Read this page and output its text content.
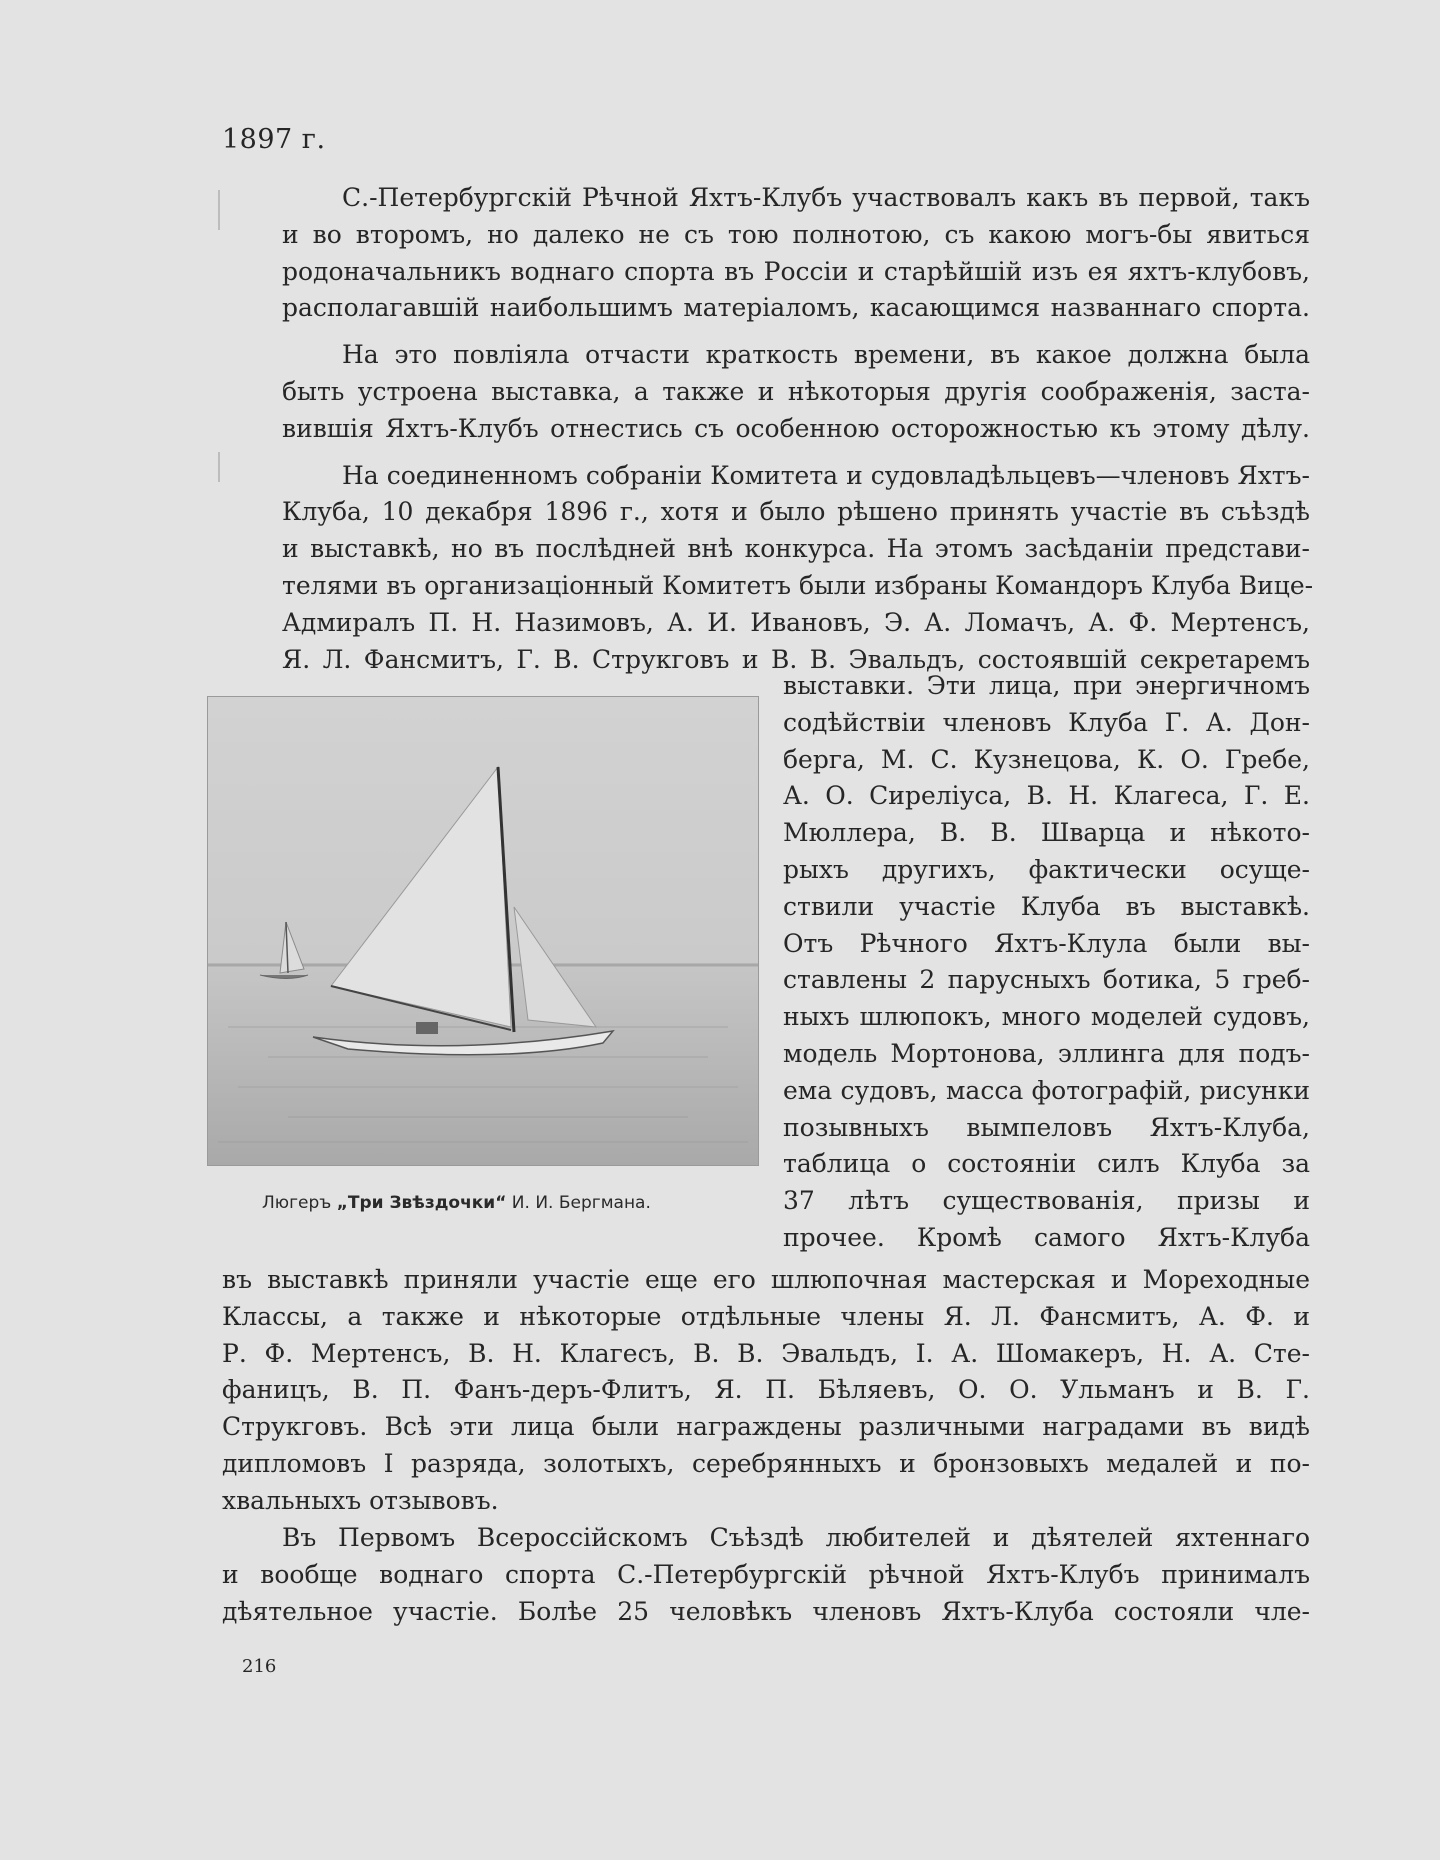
1897 г.
С.-Петербургскій Рѣчной Яхтъ-Клубъ участвовалъ какъ въ первой, такъ
и во второмъ, но далеко не съ тою полнотою, съ какою могъ-бы явиться
родоначальникъ воднаго спорта въ Россіи и старѣйшій изъ ея яхтъ-клубовъ,
располагавшій наибольшимъ матеріаломъ, касающимся названнаго спорта.
На это повліяла отчасти краткость времени, въ какое должна была
быть устроена выставка, а также и нѣкоторыя другія соображенія, заста-
вившія Яхтъ-Клубъ отнестись съ особенною осторожностью къ этому дѣлу.
На соединенномъ собраніи Комитета и судовладѣльцевъ—членовъ Яхтъ-
Клуба, 10 декабря 1896 г., хотя и было рѣшено принять участіе въ съѣздѣ
и выставкѣ, но въ послѣдней внѣ конкурса. На этомъ засѣданіи представи-
телями въ организаціонный Комитетъ были избраны Командоръ Клуба Вице-
Адмиралъ П. Н. Назимовъ, А. И. Ивановъ, Э. А. Ломачъ, А. Ф. Мертенсъ,
Я. Л. Фансмитъ, Г. В. Струкговъ и В. В. Эвальдъ, состоявшій секретаремъ
Люгеръ „Три Звѣздочки“ И. И. Бергмана.
выставки. Эти лица, при энергичномъ
содѣйствіи членовъ Клуба Г. А. Дон-
берга, М. С. Кузнецова, К. О. Гребе,
А. О. Сирелiуса, В. Н. Клагеса, Г. Е.
Мюллера, В. В. Шварца и нѣкото-
рыхъ другихъ, фактически осуще-
ствили участіе Клуба въ выставкѣ.
Отъ Рѣчного Яхтъ-Клула были вы-
ставлены 2 парусныхъ ботика, 5 греб-
ныхъ шлюпокъ, много моделей судовъ,
модель Мортонова, эллинга для подъ-
ема судовъ, масса фотографій, рисунки
позывныхъ вымпеловъ Яхтъ-Клуба,
таблица о состояніи силъ Клуба за
37 лѣтъ существованія, призы и
прочее. Кромѣ самого Яхтъ-Клуба
въ выставкѣ приняли участіе еще его шлюпочная мастерская и Мореходные
Классы, а также и нѣкоторые отдѣльные члены Я. Л. Фансмитъ, А. Ф. и
Р. Ф. Мертенсъ, В. Н. Клагесъ, В. В. Эвальдъ, І. А. Шомакеръ, Н. А. Сте-
фаницъ, В. П. Фанъ-деръ-Флитъ, Я. П. Бѣляевъ, О. О. Ульманъ и В. Г.
Струкговъ. Всѣ эти лица были награждены различными наградами въ видѣ
дипломовъ I разряда, золотыхъ, серебрянныхъ и бронзовыхъ медалей и по-
хвальныхъ отзывовъ.
Въ Первомъ Всероссійскомъ Съѣздѣ любителей и дѣятелей яхтеннаго
и вообще воднаго спорта С.-Петербургскій рѣчной Яхтъ-Клубъ принималъ
дѣятельное участіе. Болѣе 25 человѣкъ членовъ Яхтъ-Клуба состояли чле-
216
